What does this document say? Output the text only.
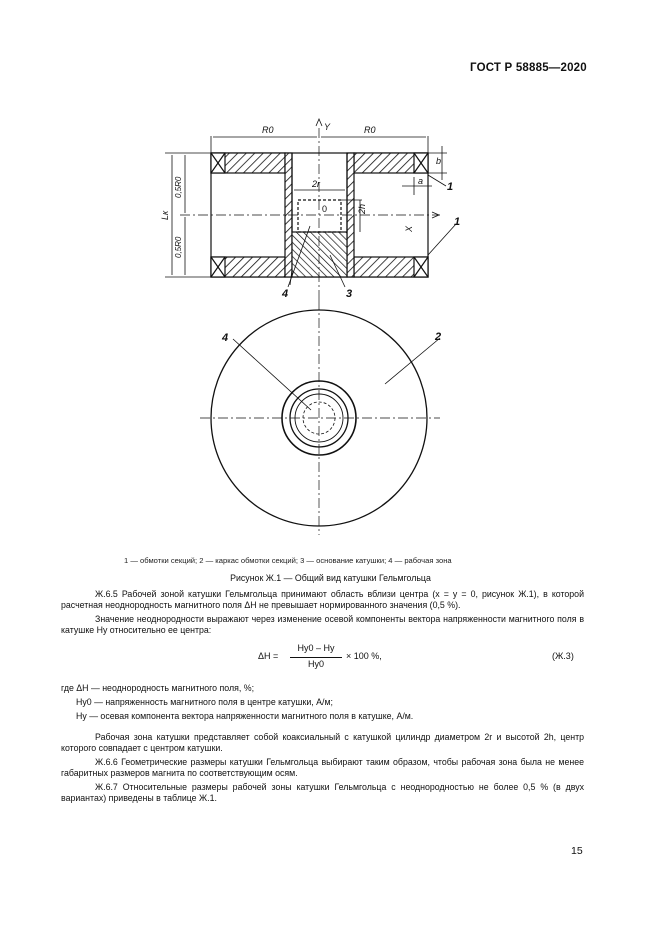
ГОСТ Р 58885—2020
R0	R0
Y
2r
0
b
a
2h
X
Lк
0,5R0
0,5R0
1
1
4	3
4	2
1 — обмотки секций; 2 — каркас обмотки секций; 3 — основание катушки; 4 — рабочая зона
Рисунок Ж.1 — Общий вид катушки Гельмгольца
Ж.6.5 Рабочей зоной катушки Гельмгольца принимают область вблизи центра (x = y = 0, рисунок Ж.1), в которой расчетная неоднородность магнитного поля ΔH не превышает нормированного значения (0,5 %).
Значение неоднородности выражают через изменение осевой компоненты вектора напряженности магнитного поля в катушке Hy относительно ее центра:
ΔH =
Hy0 – Hy
Hy0
× 100 %,	(Ж.3)
где ΔH — неоднородность магнитного поля, %;
Hy0 — напряженность магнитного поля в центре катушки, А/м;
Hy — осевая компонента вектора напряженности магнитного поля в катушке, А/м.
Рабочая зона катушки представляет собой коаксиальный с катушкой цилиндр диаметром 2r и высотой 2h, центр которого совпадает с центром катушки.
Ж.6.6 Геометрические размеры катушки Гельмгольца выбирают таким образом, чтобы рабочая зона была не менее габаритных размеров магнита по соответствующим осям.
Ж.6.7 Относительные размеры рабочей зоны катушки Гельмгольца с неоднородностью не более 0,5 % (в двух вариантах) приведены в таблице Ж.1.
15
